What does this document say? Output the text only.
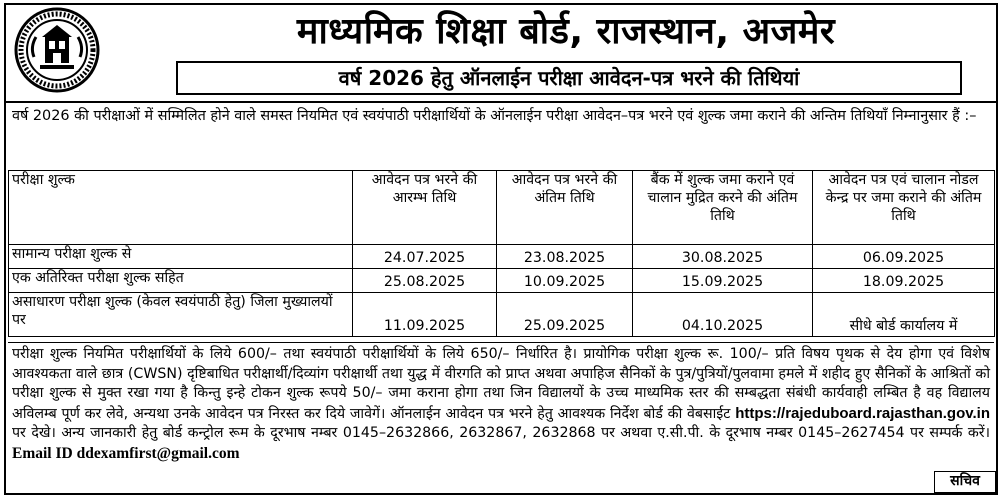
माध्यमिक शिक्षा बोर्ड, राजस्थान, अजमेर
वर्ष 2026 हेतु ऑनलाईन परीक्षा आवेदन-पत्र भरने की तिथियां
वर्ष 2026 की परीक्षाओं में सम्मिलित होने वाले समस्त नियमित एवं स्वयंपाठी परीक्षार्थियों के ऑनलाईन परीक्षा आवेदन–पत्र भरने एवं शुल्क जमा कराने की अन्तिम तिथियाँ निम्नानुसार हैं :–
परीक्षा शुल्क	आवेदन पत्र भरने की आरम्भ तिथि	आवेदन पत्र भरने की अंतिम तिथि	बैंक में शुल्क जमा कराने एवं चालान मुद्रित करने की अंतिम तिथि	आवेदन पत्र एवं चालान नोडल केन्द्र पर जमा कराने की अंतिम तिथि
सामान्य परीक्षा शुल्क से	24.07.2025	23.08.2025	30.08.2025	06.09.2025
एक अतिरिक्त परीक्षा शुल्क सहित	25.08.2025	10.09.2025	15.09.2025	18.09.2025
असाधारण परीक्षा शुल्क (केवल स्वयंपाठी हेतु) जिला मुख्यालयों पर	11.09.2025	25.09.2025	04.10.2025	सीधे बोर्ड कार्यालय में
परीक्षा शुल्क नियमित परीक्षार्थियों के लिये 600/– तथा स्वयंपाठी परीक्षार्थियों के लिये 650/– निर्धारित है। प्रायोगिक परीक्षा शुल्क रू. 100/– प्रति विषय पृथक से देय होगा एवं विशेष आवश्यकता वाले छात्र (CWSN) दृष्टिबाधित परीक्षार्थी/दिव्यांग परीक्षार्थी तथा युद्ध में वीरगति को प्राप्त अथवा अपाहिज सैनिकों के पुत्र/पुत्रियों/पुलवामा हमले में शहीद हुए सैनिकों के आश्रितों को परीक्षा शुल्क से मुक्त रखा गया है किन्तु इन्हे टोकन शुल्क रूपये 50/– जमा कराना होगा तथा जिन विद्यालयों के उच्च माध्यमिक स्तर की सम्बद्धता संबंधी कार्यवाही लम्बित है वह विद्यालय अविलम्ब पूर्ण कर लेवे, अन्यथा उनके आवेदन पत्र निरस्त कर दिये जावेगें। ऑनलाईन आवेदन पत्र भरने हेतु आवश्यक निर्देश बोर्ड की वेबसाईट https://rajeduboard.rajasthan.gov.in पर देखे। अन्य जानकारी हेतु बोर्ड कन्ट्रोल रूम के दूरभाष नम्बर 0145–2632866, 2632867, 2632868 पर अथवा ए.सी.पी. के दूरभाष नम्बर 0145–2627454 पर सम्पर्क करें। Email ID ddexamfirst@gmail.com
सचिव
